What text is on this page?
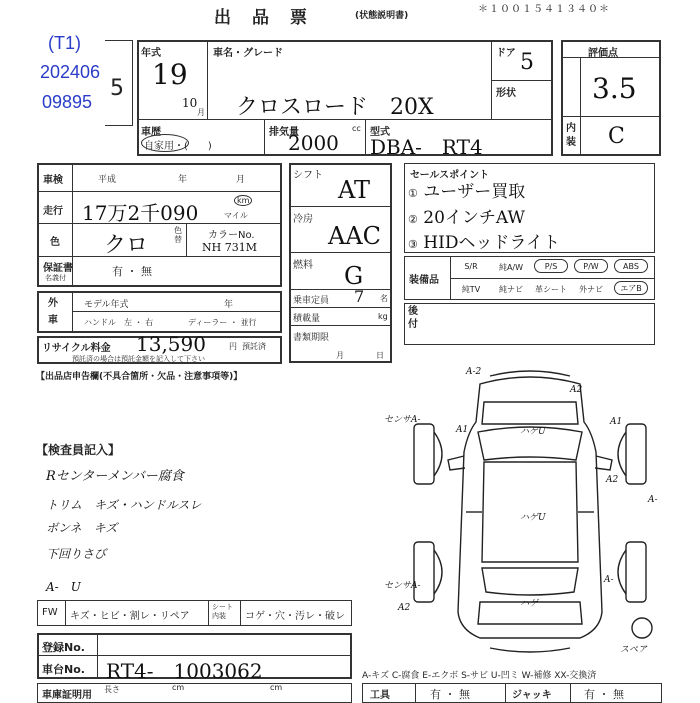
出　品　票	(状態説明書)
＊１００１５４１３４０＊
(T1)
202406
09895
5
年式
19
10
月
車名・グレード
クロスロード　20X
ドア 5
形状
車歴
自家用・(　　)
排気量	cc
2000	型式
DBA-　RT4
評価点
3.5
内装 C
車検	平成	年	月
走行 17万2千090
km
マイル
色 クロ
色替	カラーNo.
NH 731M
保証書
名義付	有 ・ 無
外車
モデル年式	年
ハンドル　左 ・ 右	ディーラー ・ 並行
リサイクル料金 13,590	円 預託済
預託済の場合は預託金額を記入して下さい
シフト
AT
冷房
AAC
燃料 G
乗車定員 7 名
積載量	kg
書類期限
月	日
セールスポイント
① ユーザー買取
② 20インチAW
③ HIDヘッドライト
装備品
S/R	純A/W	P/S	P/W	ABS
純TV	純ナビ	革シート	外ナビ	エアB
後付
【出品店申告欄(不具合箇所・欠品・注意事項等)】
【検査員記入】
Rセンターメンバー腐食
トリム　キズ・ハンドルスレ
ボンネ　キズ
下回りさび
A-　U
FW キズ・ヒビ・割レ・リペア
シート内装	コゲ・穴・汚レ・破レ
登録No.
車台No. RT4-　1003062
車庫証明用
長さ	cm	cm
A-2
A1	ハゲU
A2
センサA-	A1
A2
ハゲU
A-
A-
ハゲ
スペア
センサA-
A2
A-キズ C-腐食 E-エクボ S-サビ U-凹ミ W-補修 XX-交換済
工具	有 ・ 無	ジャッキ	有 ・ 無
